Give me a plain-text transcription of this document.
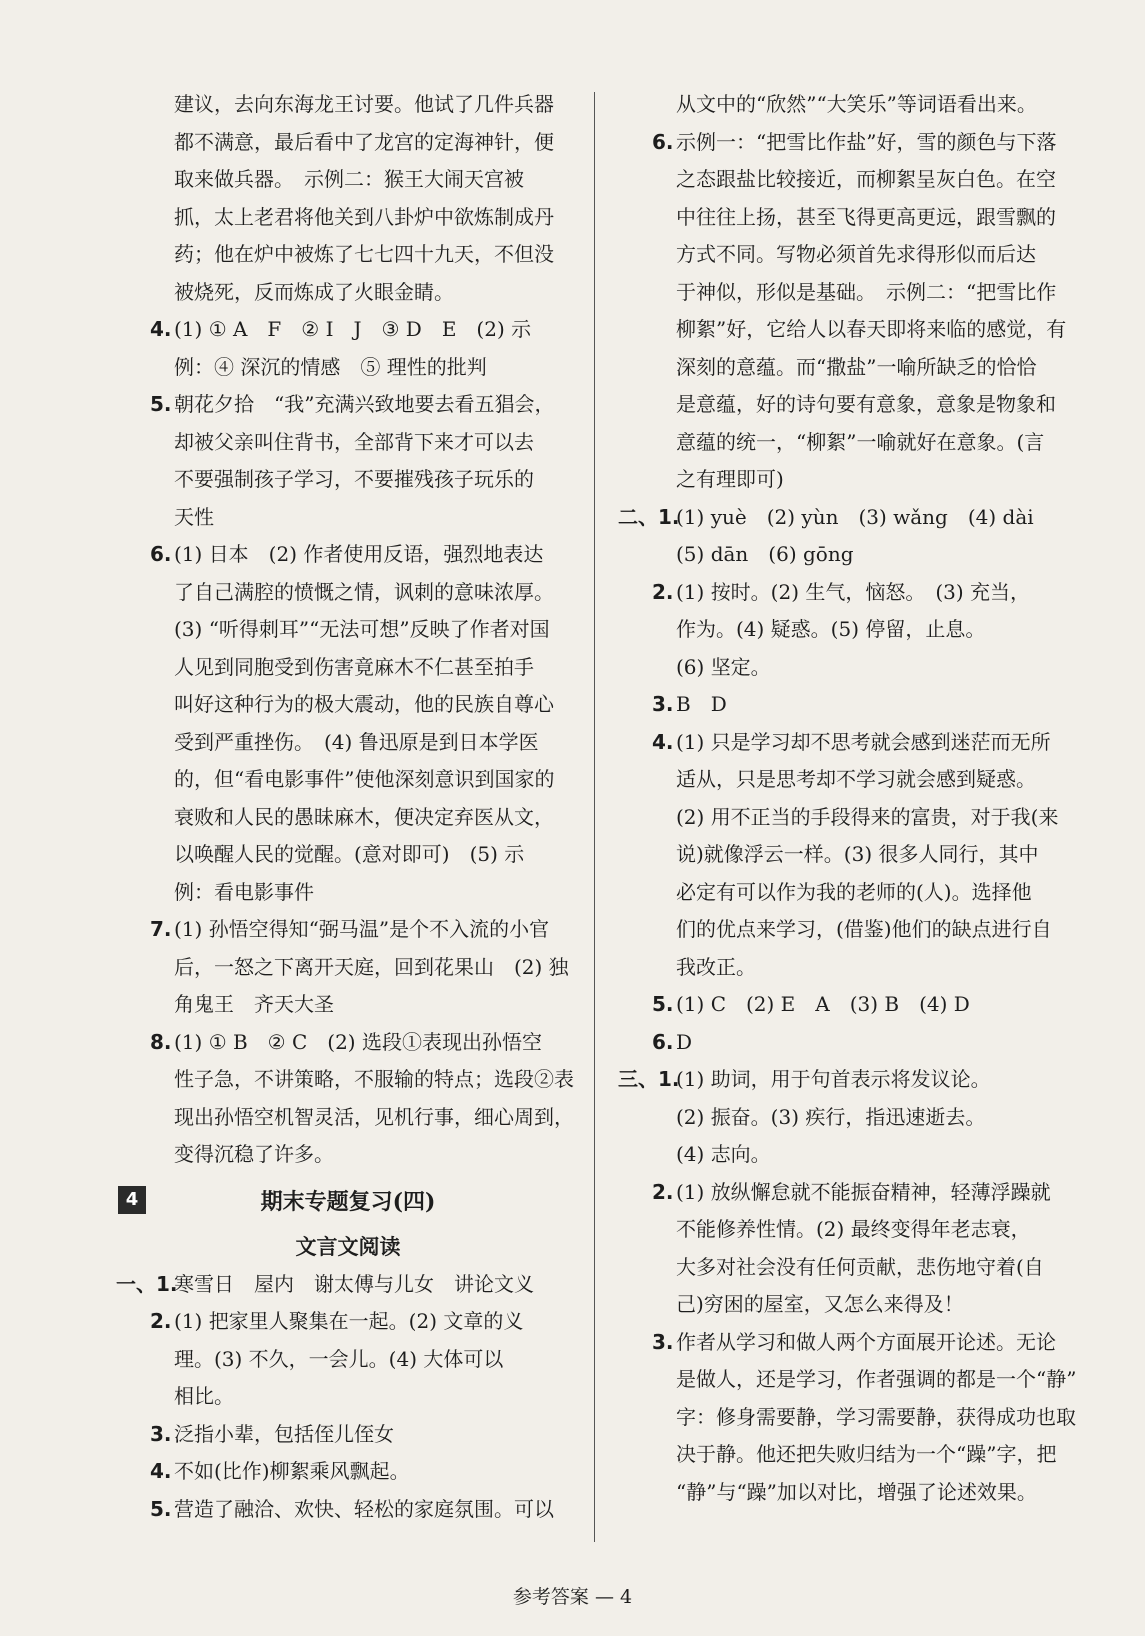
建议，去向东海龙王讨要。他试了几件兵器
都不满意，最后看中了龙宫的定海神针，便
取来做兵器。　示例二：猴王大闹天宫被
抓，太上老君将他关到八卦炉中欲炼制成丹
药；他在炉中被炼了七七四十九天，不但没
被烧死，反而炼成了火眼金睛。
4. (1) ① A　F　② I　J　③ D　E　(2) 示
例：④ 深沉的情感　⑤ 理性的批判
5. 朝花夕拾　“我”充满兴致地要去看五猖会，
却被父亲叫住背书，全部背下来才可以去
不要强制孩子学习，不要摧残孩子玩乐的
天性
6. (1) 日本　(2) 作者使用反语，强烈地表达
了自己满腔的愤慨之情，讽刺的意味浓厚。
(3) “听得刺耳”“无法可想”反映了作者对国
人见到同胞受到伤害竟麻木不仁甚至拍手
叫好这种行为的极大震动，他的民族自尊心
受到严重挫伤。　(4) 鲁迅原是到日本学医
的，但“看电影事件”使他深刻意识到国家的
衰败和人民的愚昧麻木，便决定弃医从文，
以唤醒人民的觉醒。(意对即可)　(5) 示
例：看电影事件
7. (1) 孙悟空得知“弼马温”是个不入流的小官
后，一怒之下离开天庭，回到花果山　(2) 独
角鬼王　齐天大圣
8. (1) ① B　② C　(2) 选段①表现出孙悟空
性子急，不讲策略，不服输的特点；选段②表
现出孙悟空机智灵活，见机行事，细心周到，
变得沉稳了许多。
4	期末专题复习(四)
文言文阅读
一、1.
寒雪日　屋内　谢太傅与儿女　讲论文义
2. (1) 把家里人聚集在一起。(2) 文章的义
理。(3) 不久，一会儿。(4) 大体可以
相比。
3. 泛指小辈，包括侄儿侄女
4. 不如(比作)柳絮乘风飘起。
5. 营造了融洽、欢快、轻松的家庭氛围。可以
从文中的“欣然”“大笑乐”等词语看出来。
6. 示例一：“把雪比作盐”好，雪的颜色与下落
之态跟盐比较接近，而柳絮呈灰白色。在空
中往往上扬，甚至飞得更高更远，跟雪飘的
方式不同。写物必须首先求得形似而后达
于神似，形似是基础。　示例二：“把雪比作
柳絮”好，它给人以春天即将来临的感觉，有
深刻的意蕴。而“撒盐”一喻所缺乏的恰恰
是意蕴，好的诗句要有意象，意象是物象和
意蕴的统一，“柳絮”一喻就好在意象。(言
之有理即可)
二、1.
(1) yuè　(2) yùn　(3) wǎng　(4) dài
(5) dān　(6) gōng
2. (1) 按时。(2) 生气，恼怒。　(3) 充当，
作为。(4) 疑惑。(5) 停留，止息。
(6) 坚定。
3. B　D
4. (1) 只是学习却不思考就会感到迷茫而无所
适从，只是思考却不学习就会感到疑惑。
(2) 用不正当的手段得来的富贵，对于我(来
说)就像浮云一样。(3) 很多人同行，其中
必定有可以作为我的老师的(人)。选择他
们的优点来学习，(借鉴)他们的缺点进行自
我改正。
5. (1) C　(2) E　A　(3) B　(4) D
6. D
三、1.
(1) 助词，用于句首表示将发议论。
(2) 振奋。(3) 疾行，指迅速逝去。
(4) 志向。
2. (1) 放纵懈怠就不能振奋精神，轻薄浮躁就
不能修养性情。(2) 最终变得年老志衰，
大多对社会没有任何贡献，悲伤地守着(自
己)穷困的屋室，又怎么来得及！
3. 作者从学习和做人两个方面展开论述。无论
是做人，还是学习，作者强调的都是一个“静”
字：修身需要静，学习需要静，获得成功也取
决于静。他还把失败归结为一个“躁”字，把
“静”与“躁”加以对比，增强了论述效果。
参考答案 — 4
